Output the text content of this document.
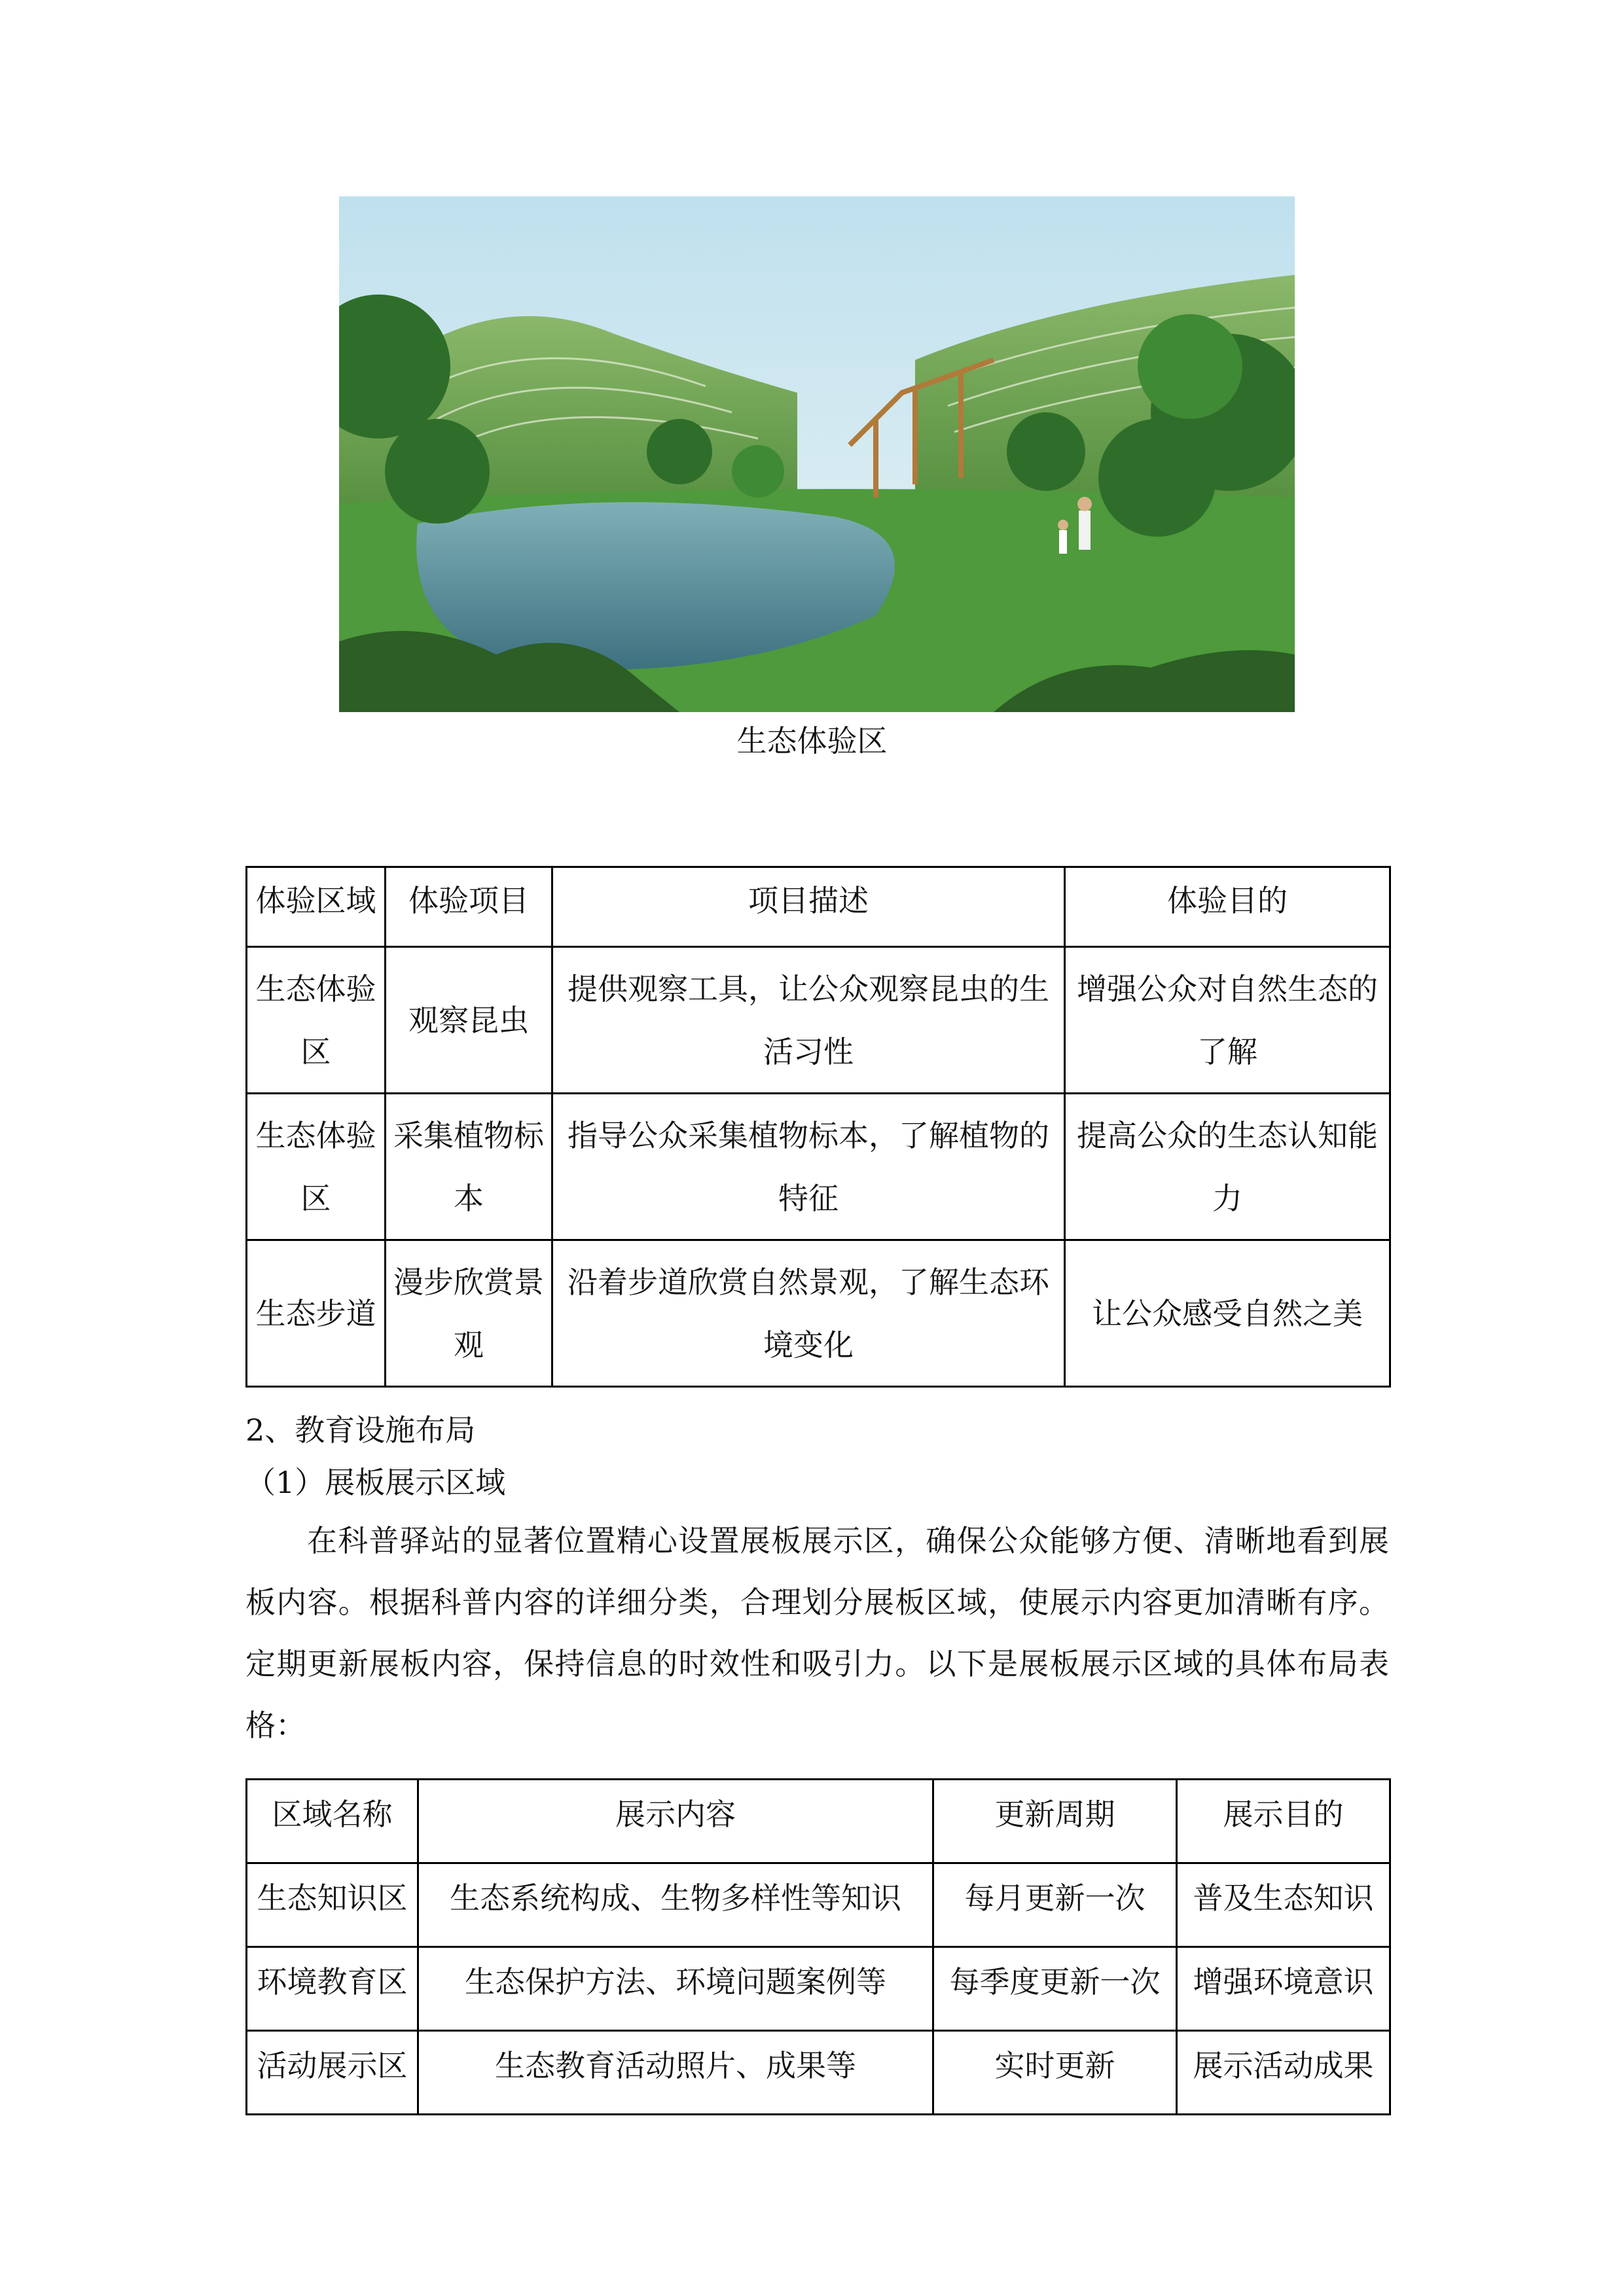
生态体验区
体验区域	体验项目	项目描述	体验目的
生态体验区	观察昆虫	提供观察工具，让公众观察昆虫的生活习性	增强公众对自然生态的了解
生态体验区	采集植物标本	指导公众采集植物标本，了解植物的特征	提高公众的生态认知能力
生态步道	漫步欣赏景观	沿着步道欣赏自然景观，了解生态环境变化	让公众感受自然之美
2、教育设施布局
（1）展板展示区域
在科普驿站的显著位置精心设置展板展示区，确保公众能够方便、清晰地看到展板内容。根据科普内容的详细分类，合理划分展板区域，使展示内容更加清晰有序。定期更新展板内容，保持信息的时效性和吸引力。以下是展板展示区域的具体布局表格：
区域名称	展示内容	更新周期	展示目的
生态知识区	生态系统构成、生物多样性等知识	每月更新一次	普及生态知识
环境教育区	生态保护方法、环境问题案例等	每季度更新一次	增强环境意识
活动展示区	生态教育活动照片、成果等	实时更新	展示活动成果
